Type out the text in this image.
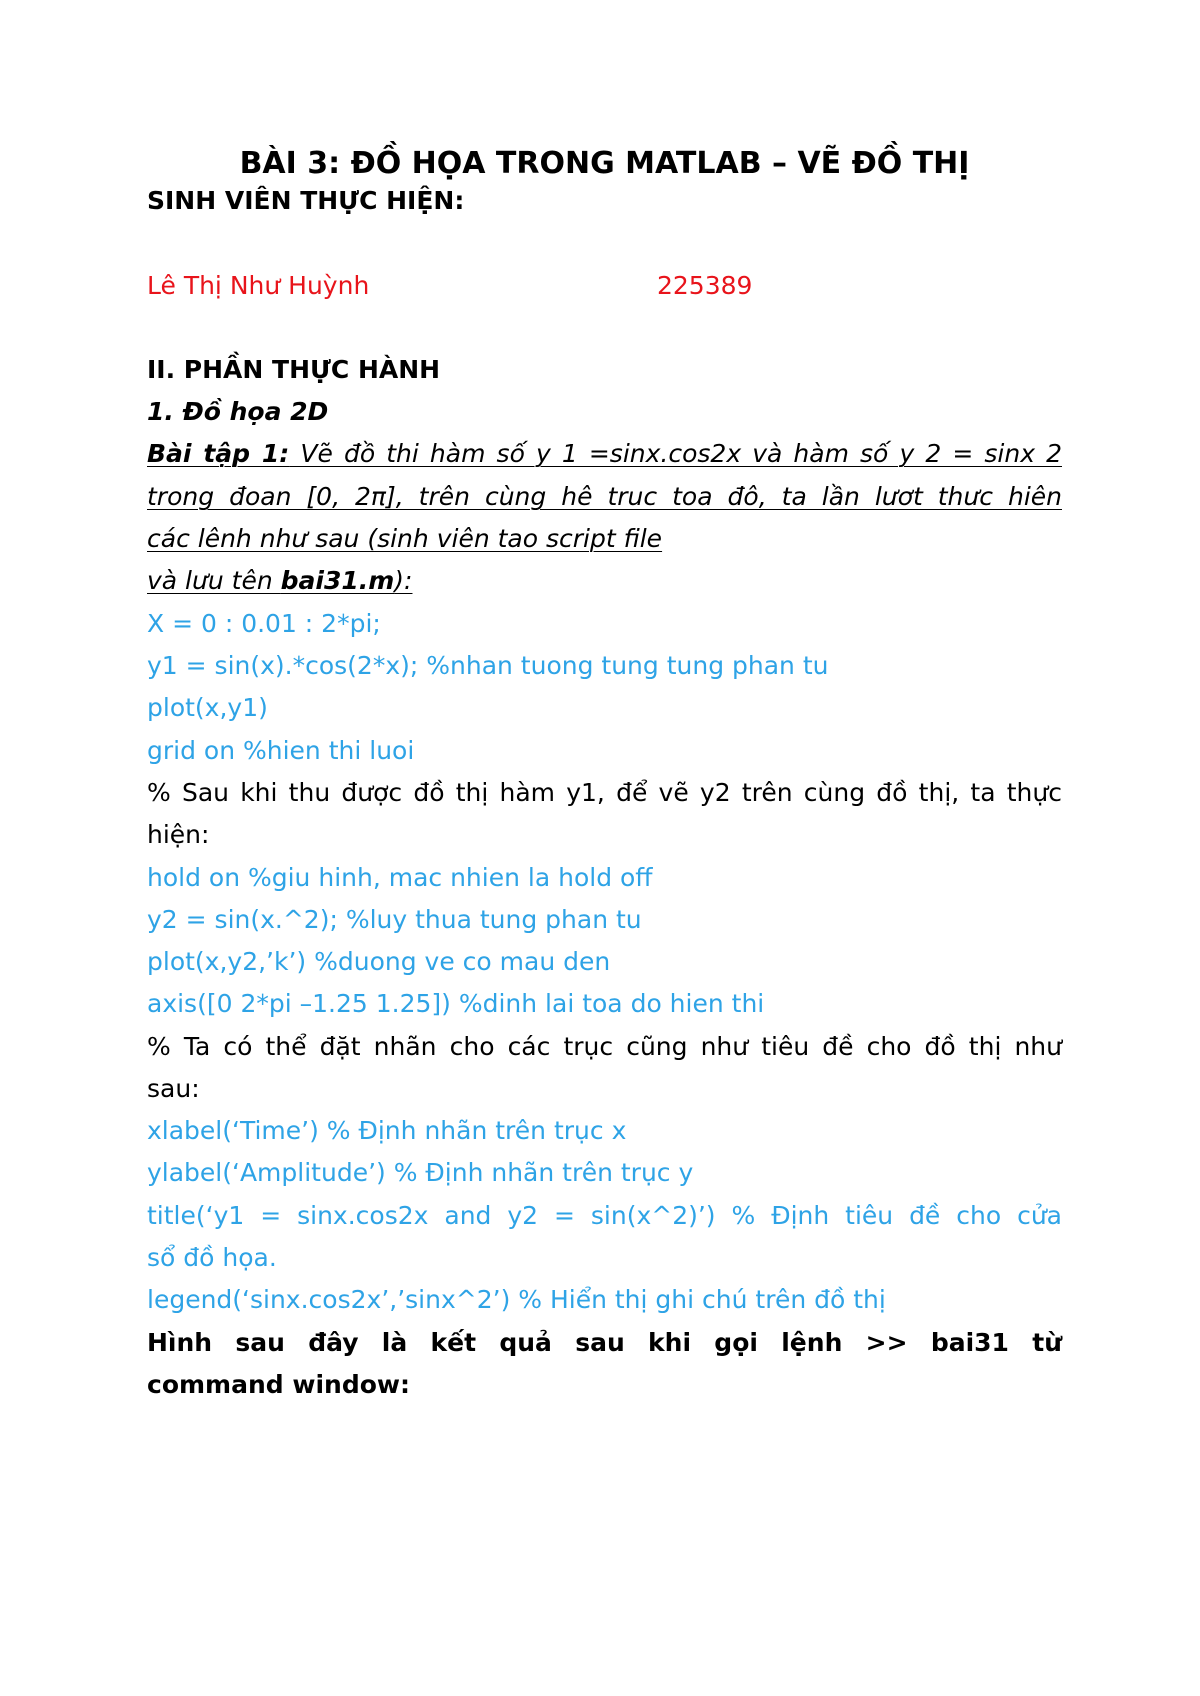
BÀI 3: ĐỒ HỌA TRONG MATLAB – VẼ ĐỒ THỊ
SINH VIÊN THỰC HIỆN:
Lê Thị Như Huỳnh	225389
II. PHẦN THỰC HÀNH
1. Đồ họa 2D
Bài tập 1: Vẽ đồ thi hàm số y 1 =sinx.cos2x và hàm số y 2 = sinx 2
trong đoan [0, 2π], trên cùng hê truc toa đô, ta lần lươt thưc hiên
các lênh như sau (sinh viên tao script file
và lưu tên bai31.m):
X = 0 : 0.01 : 2*pi;
y1 = sin(x).*cos(2*x); %nhan tuong tung tung phan tu
plot(x,y1)
grid on %hien thi luoi
% Sau khi thu được đồ thị hàm y1, để vẽ y2 trên cùng đồ thị, ta thực
hiện:
hold on %giu hinh, mac nhien la hold off
y2 = sin(x.^2); %luy thua tung phan tu
plot(x,y2,’k’) %duong ve co mau den
axis([0 2*pi –1.25 1.25]) %dinh lai toa do hien thi
% Ta có thể đặt nhãn cho các trục cũng như tiêu đề cho đồ thị như
sau:
xlabel(‘Time’) % Định nhãn trên trục x
ylabel(‘Amplitude’) % Định nhãn trên trục y
title(‘y1 = sinx.cos2x and y2 = sin(x^2)’) % Định tiêu đề cho cửa
sổ đồ họa.
legend(‘sinx.cos2x’,’sinx^2’) % Hiển thị ghi chú trên đồ thị
Hình sau đây là kết quả sau khi gọi lệnh >> bai31 từ
command window:
